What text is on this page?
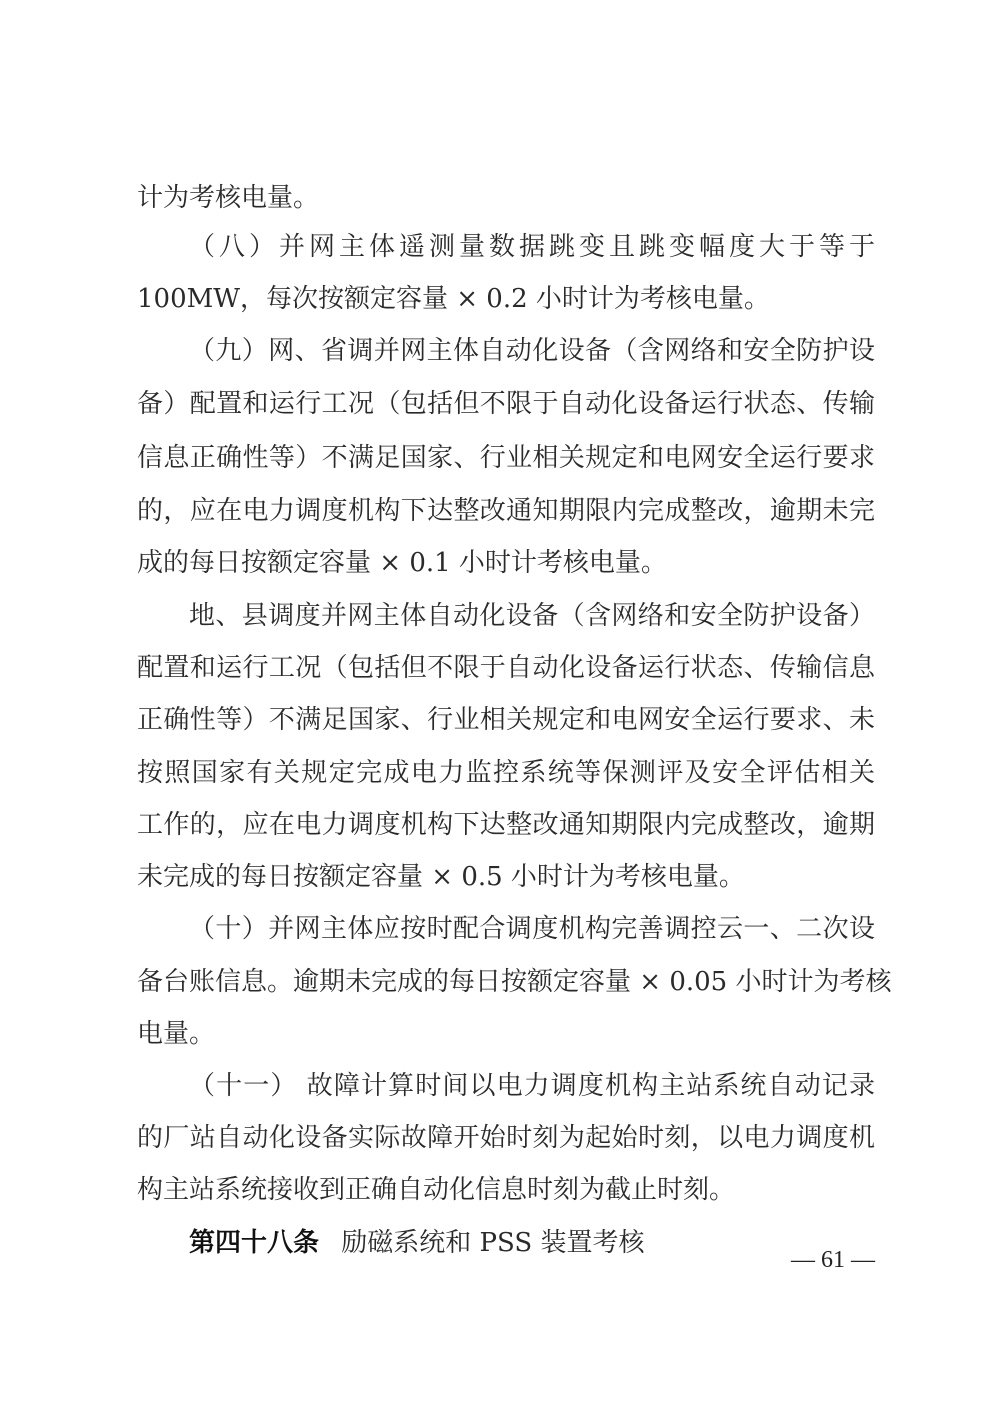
计为考核电量。

（八）并网主体遥测量数据跳变且跳变幅度大于等于

100MW，每次按额定容量 × 0.2 小时计为考核电量。

（九）网、省调并网主体自动化设备（含网络和安全防护设

备）配置和运行工况（包括但不限于自动化设备运行状态、传输

信息正确性等）不满足国家、行业相关规定和电网安全运行要求

的，应在电力调度机构下达整改通知期限内完成整改，逾期未完

成的每日按额定容量 × 0.1 小时计考核电量。

地、县调度并网主体自动化设备（含网络和安全防护设备）

配置和运行工况（包括但不限于自动化设备运行状态、传输信息

正确性等）不满足国家、行业相关规定和电网安全运行要求、未

按照国家有关规定完成电力监控系统等保测评及安全评估相关

工作的，应在电力调度机构下达整改通知期限内完成整改，逾期

未完成的每日按额定容量 × 0.5 小时计为考核电量。

（十）并网主体应按时配合调度机构完善调控云一、二次设

备台账信息。逾期未完成的每日按额定容量 × 0.05 小时计为考核

电量。

（十一） 故障计算时间以电力调度机构主站系统自动记录

的厂站自动化设备实际故障开始时刻为起始时刻，以电力调度机

构主站系统接收到正确自动化信息时刻为截止时刻。

第四十八条 励磁系统和 PSS 装置考核

— 61 —
